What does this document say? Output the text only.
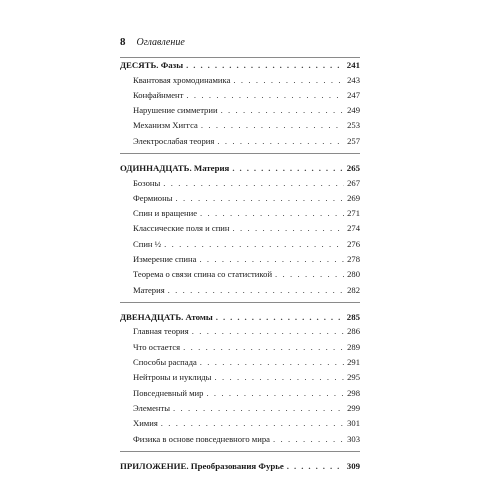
8 Оглавление
ДЕСЯТЬ. Фазы . . .	241
Квантовая хромодинамика . . .	243
Конфайнмент . . .	247
Нарушение симметрии . . .	249
Механизм Хиггса . . .	253
Электрослабая теория . . .	257
ОДИННАДЦАТЬ. Материя . . .	265
Бозоны . . .	267
Фермионы . . .	269
Спин и вращение . . .	271
Классические поля и спин . . .	274
Спин ½ . . .	276
Измерение спина . . .	278
Теорема о связи спина со статистикой . . .	280
Материя . . .	282
ДВЕНАДЦАТЬ. Атомы . . .	285
Главная теория . . .	286
Что остается . . .	289
Способы распада . . .	291
Нейтроны и нуклиды . . .	295
Повседневный мир . . .	298
Элементы . . .	299
Химия . . .	301
Физика в основе повседневного мира . . .	303
ПРИЛОЖЕНИЕ. Преобразования Фурье . . .	309
